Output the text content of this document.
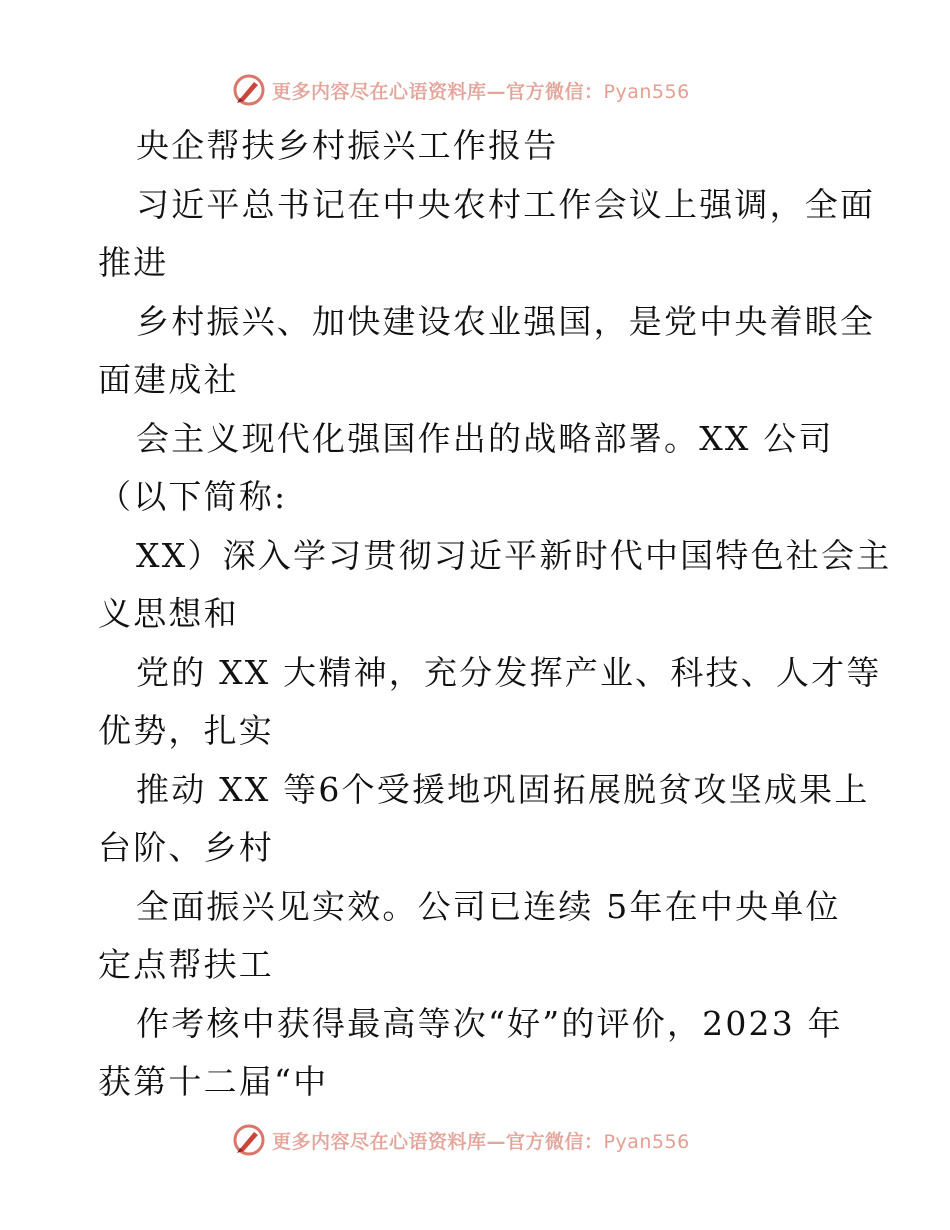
更多内容尽在心语资料库—官方微信：Pyan556
央企帮扶乡村振兴工作报告
习近平总书记在中央农村工作会议上强调，全面
推进
乡村振兴、加快建设农业强国，是党中央着眼全
面建成社
会主义现代化强国作出的战略部署。XX 公司
（以下简称:
XX）深入学习贯彻习近平新时代中国特色社会主
义思想和
党的 XX 大精神，充分发挥产业、科技、人才等
优势，扎实
推动 XX 等6个受援地巩固拓展脱贫攻坚成果上
台阶、乡村
全面振兴见实效。公司已连续 5年在中央单位
定点帮扶工
作考核中获得最高等次“好”的评价，2023 年
获第十二届“中
更多内容尽在心语资料库—官方微信：Pyan556
